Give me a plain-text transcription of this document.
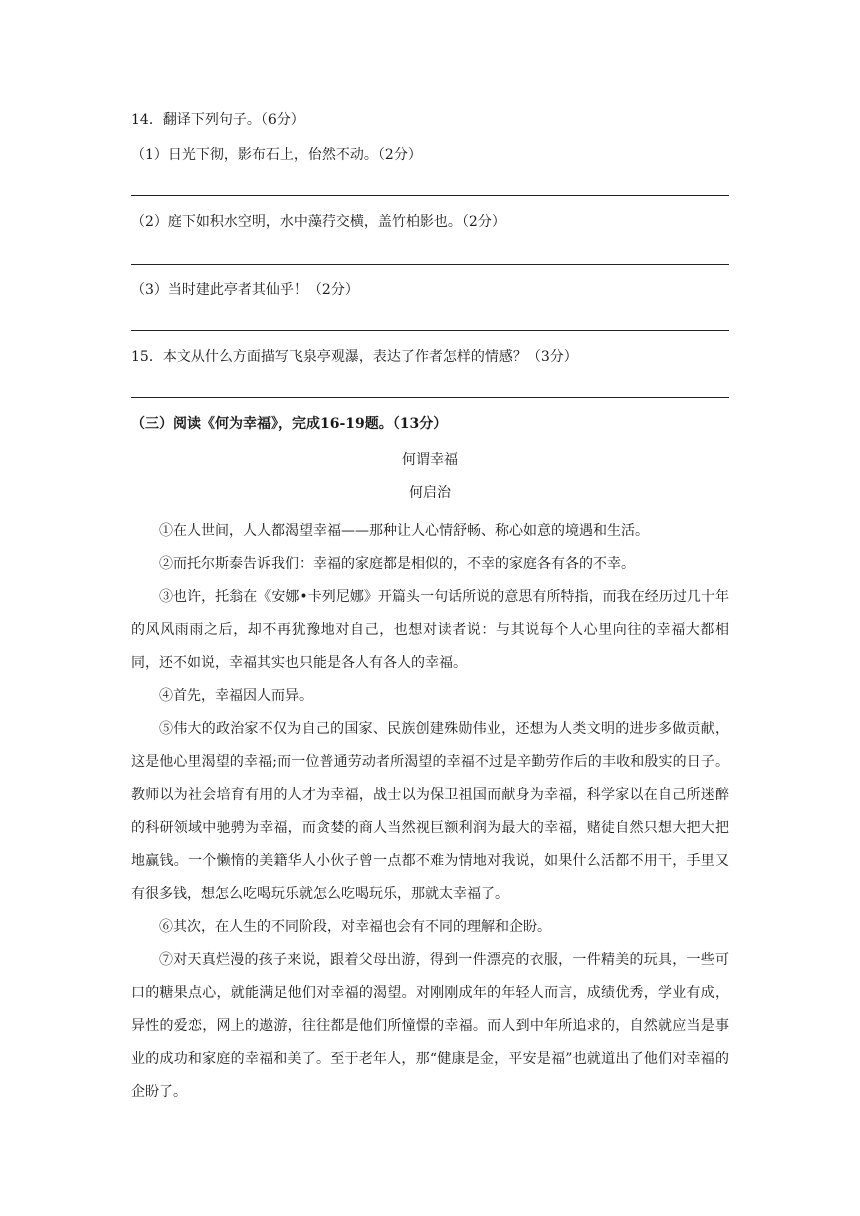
14．翻译下列句子。（6分）
（1）日光下彻，影布石上，佁然不动。（2分）
（2）庭下如积水空明，水中藻荇交横，盖竹柏影也。（2分）
（3）当时建此亭者其仙乎！（2分）
15．本文从什么方面描写飞泉亭观瀑，表达了作者怎样的情感？（3分）
（三）阅读《何为幸福》，完成16-19题。（13分）
何谓幸福
何启治

①在人世间，人人都渴望幸福——那种让人心情舒畅、称心如意的境遇和生活。

②而托尔斯泰告诉我们：幸福的家庭都是相似的，不幸的家庭各有各的不幸。

③也许，托翁在《安娜•卡列尼娜》开篇头一句话所说的意思有所特指，而我在经历过几十年的风风雨雨之后，却不再犹豫地对自己，也想对读者说：与其说每个人心里向往的幸福大都相同，还不如说，幸福其实也只能是各人有各人的幸福。

④首先，幸福因人而异。

⑤伟大的政治家不仅为自己的国家、民族创建殊勋伟业，还想为人类文明的进步多做贡献，这是他心里渴望的幸福;而一位普通劳动者所渴望的幸福不过是辛勤劳作后的丰收和殷实的日子。教师以为社会培育有用的人才为幸福，战士以为保卫祖国而献身为幸福，科学家以在自己所迷醉的科研领域中驰骋为幸福，而贪婪的商人当然视巨额利润为最大的幸福，赌徒自然只想大把大把地赢钱。一个懒惰的美籍华人小伙子曾一点都不难为情地对我说，如果什么活都不用干，手里又有很多钱，想怎么吃喝玩乐就怎么吃喝玩乐，那就太幸福了。

⑥其次，在人生的不同阶段，对幸福也会有不同的理解和企盼。

⑦对天真烂漫的孩子来说，跟着父母出游，得到一件漂亮的衣服，一件精美的玩具，一些可口的糖果点心，就能满足他们对幸福的渴望。对刚刚成年的年轻人而言，成绩优秀，学业有成，异性的爱恋，网上的遨游，往往都是他们所憧憬的幸福。而人到中年所追求的，自然就应当是事业的成功和家庭的幸福和美了。至于老年人，那“健康是金，平安是福”也就道出了他们对幸福的企盼了。
